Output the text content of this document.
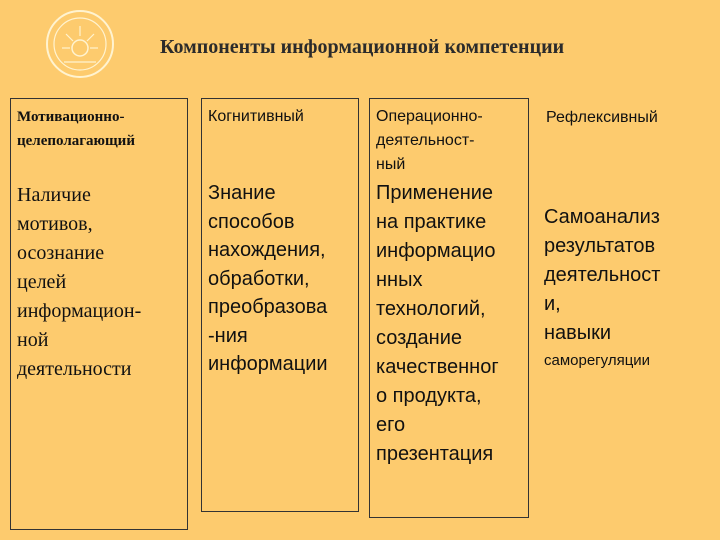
Компоненты информационной компетенции
Мотивационно-
целеполагающий
Наличие
мотивов,
осознание
целей
информацион-
ной
деятельности
Когнитивный
Знание
способов
нахождения,
обработки,
преобразова
-ния
информации
Операционно-
деятельност-
ный
Применение
на практике
информацио
нных
технологий,
создание
качественног
о продукта,
его
презентация
Рефлексивный

Самоанализ
результатов
деятельност
и,
навыки

саморегуляции
